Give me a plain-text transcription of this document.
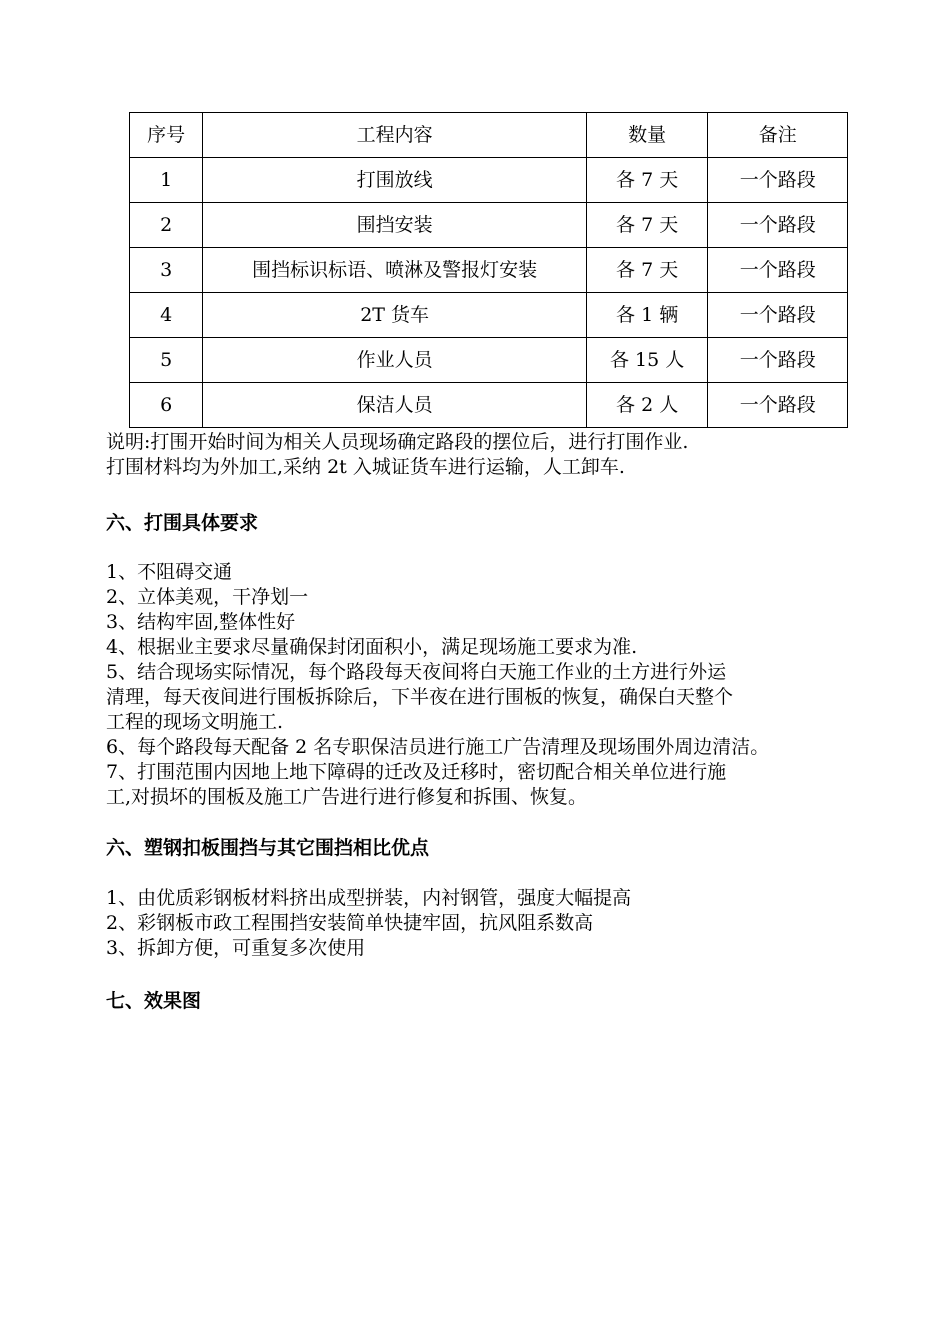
序号	工程内容	数量	备注
1	打围放线	各 7 天	一个路段
2	围挡安装	各 7 天	一个路段
3	围挡标识标语、喷淋及警报灯安装	各 7 天	一个路段
4	2T 货车	各 1 辆	一个路段
5	作业人员	各 15 人	一个路段
6	保洁人员	各 2 人	一个路段
说明:打围开始时间为相关人员现场确定路段的摆位后，进行打围作业.
打围材料均为外加工,采纳 2t 入城证货车进行运输，人工卸车.
六、打围具体要求
1、不阻碍交通
2、立体美观，干净划一
3、结构牢固,整体性好
4、根据业主要求尽量确保封闭面积小，满足现场施工要求为准.
5、结合现场实际情况，每个路段每天夜间将白天施工作业的土方进行外运
清理，每天夜间进行围板拆除后，下半夜在进行围板的恢复，确保白天整个
工程的现场文明施工.
6、每个路段每天配备 2 名专职保洁员进行施工广告清理及现场围外周边清洁。
7、打围范围内因地上地下障碍的迁改及迁移时，密切配合相关单位进行施
工,对损坏的围板及施工广告进行进行修复和拆围、恢复。
六、塑钢扣板围挡与其它围挡相比优点
1、由优质彩钢板材料挤出成型拼装，内衬钢管，强度大幅提高
2、彩钢板市政工程围挡安装简单快捷牢固，抗风阻系数高
3、拆卸方便，可重复多次使用
七、效果图
